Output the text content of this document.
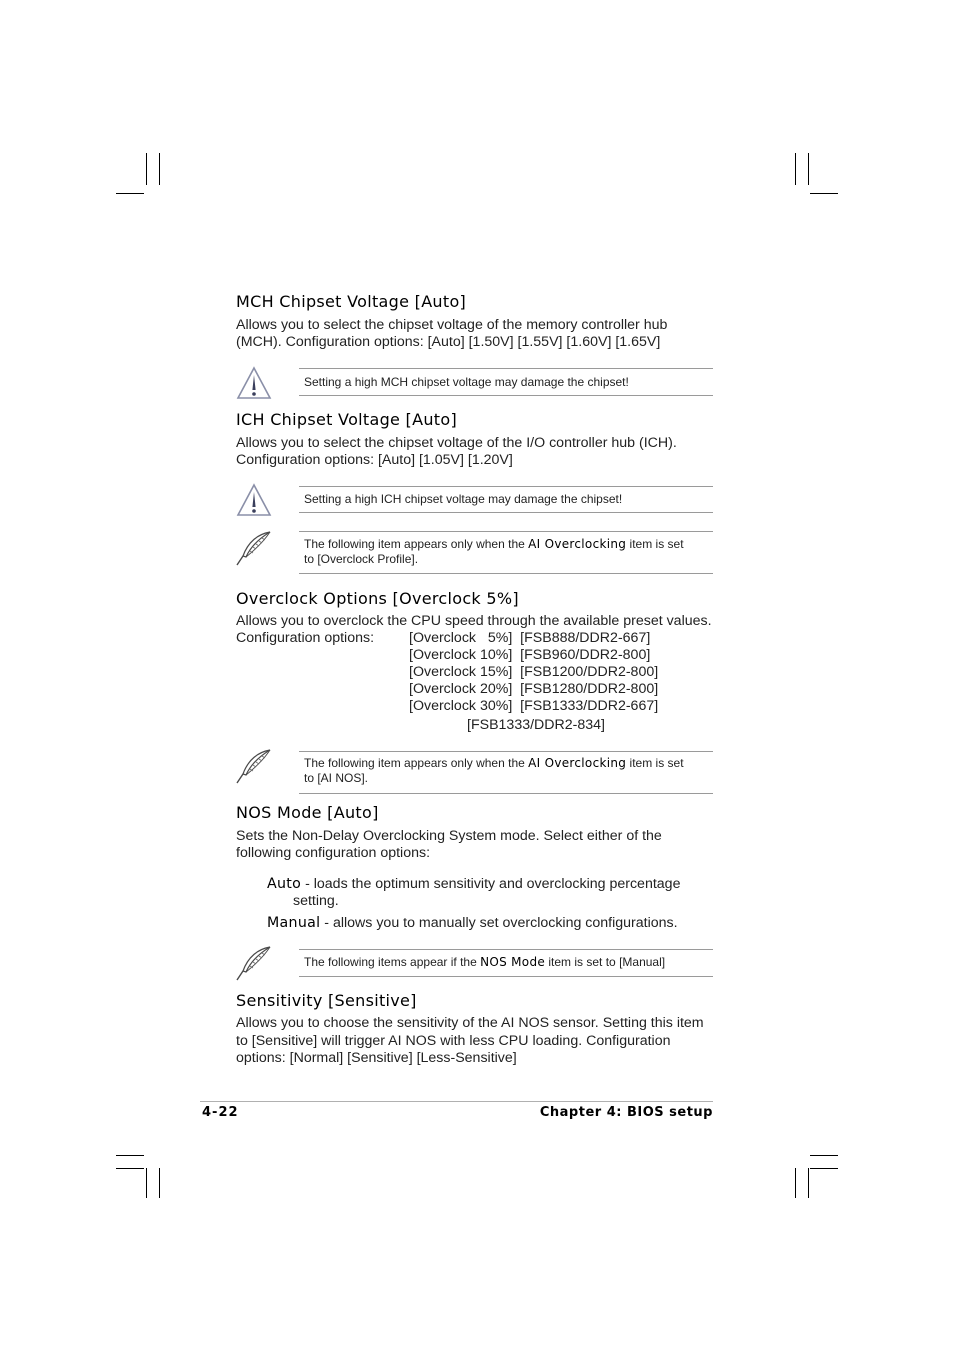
MCH Chipset Voltage [Auto]
Allows you to select the chipset voltage of the memory controller hub
(MCH). Configuration options: [Auto] [1.50V] [1.55V] [1.60V] [1.65V]
Setting a high MCH chipset voltage may damage the chipset!
ICH Chipset Voltage [Auto]
Allows you to select the chipset voltage of the I/O controller hub (ICH).
Configuration options: [Auto] [1.05V] [1.20V]
Setting a high ICH chipset voltage may damage the chipset!
The following item appears only when the AI Overclocking item is set
to [Overclock Profile].
Overclock Options [Overclock 5%]
Allows you to overclock the CPU speed through the available preset values.
Configuration options: [Overclock   5%]  [FSB888/DDR2-667]
[Overclock 10%]  [FSB960/DDR2-800]
[Overclock 15%]  [FSB1200/DDR2-800]
[Overclock 20%]  [FSB1280/DDR2-800]
[Overclock 30%]  [FSB1333/DDR2-667]
[FSB1333/DDR2-834]
The following item appears only when the AI Overclocking item is set
to [AI NOS].
NOS Mode [Auto]
Sets the Non-Delay Overclocking System mode. Select either of the
following configuration options:
Auto - loads the optimum sensitivity and overclocking percentage
setting.
Manual - allows you to manually set overclocking configurations.
The following items appear if the NOS Mode item is set to [Manual]
Sensitivity [Sensitive]
Allows you to choose the sensitivity of the AI NOS sensor. Setting this item
to [Sensitive] will trigger AI NOS with less CPU loading. Configuration
options: [Normal] [Sensitive] [Less-Sensitive]
4-22	Chapter 4: BIOS setup
